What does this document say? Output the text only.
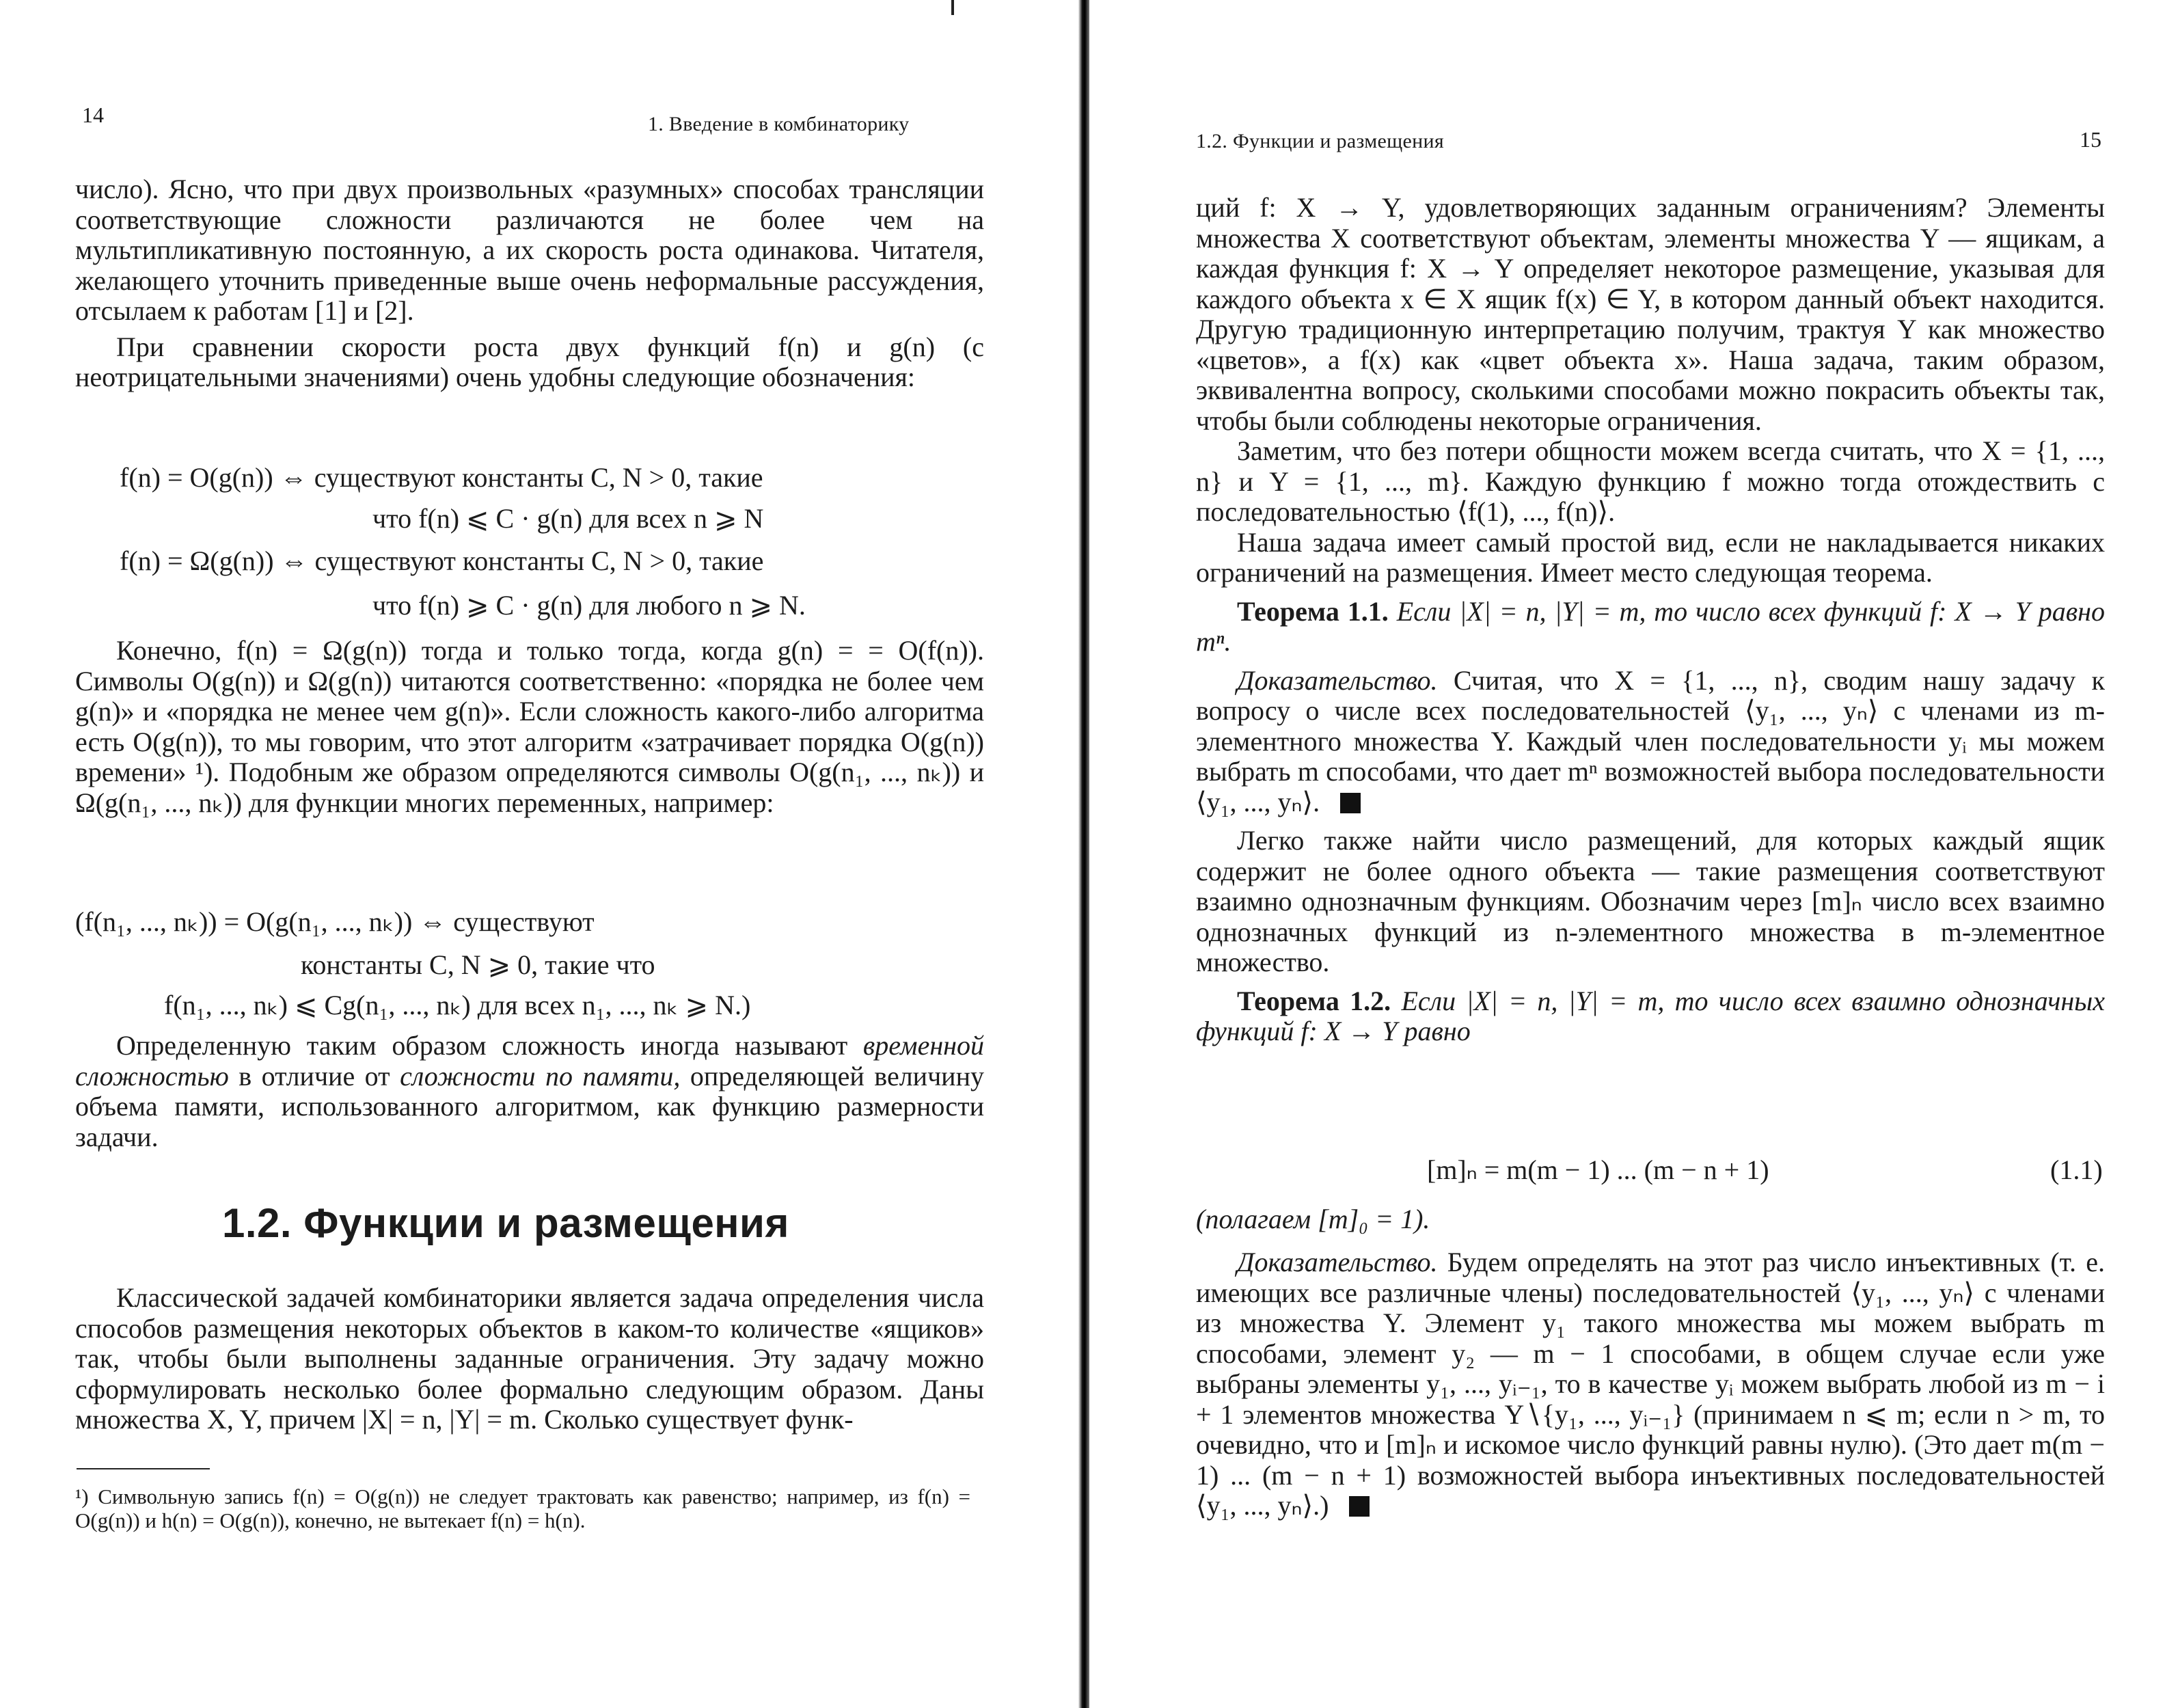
14	1. Введение в комбинаторику

число). Ясно, что при двух произвольных «разумных» способах трансляции соответствующие сложности различаются не более чем на мультипликативную постоянную, а их скорость роста одинакова. Читателя, желающего уточнить приведенные выше очень неформальные рассуждения, отсылаем к работам [1] и [2].

При сравнении скорости роста двух функций f(n) и g(n) (с неотрицательными значениями) очень удобны следующие обозначения:

f(n) = O(g(n)) ⇔ существуют константы C, N > 0, такие
что f(n) ⩽ C · g(n) для всех n ⩾ N
f(n) = Ω(g(n)) ⇔ существуют константы C, N > 0, такие
что f(n) ⩾ C · g(n) для любого n ⩾ N.

Конечно, f(n) = Ω(g(n)) тогда и только тогда, когда g(n) = = O(f(n)). Символы O(g(n)) и Ω(g(n)) читаются соответственно: «порядка не более чем g(n)» и «порядка не менее чем g(n)». Если сложность какого-либо алгоритма есть O(g(n)), то мы говорим, что этот алгоритм «затрачивает порядка O(g(n)) времени» ¹). Подобным же образом определяются символы O(g(n₁, ..., nₖ)) и Ω(g(n₁, ..., nₖ)) для функции многих переменных, например:

(f(n₁, ..., nₖ)) = O(g(n₁, ..., nₖ)) ⇔ существуют
константы C, N ⩾ 0, такие что
f(n₁, ..., nₖ) ⩽ Cg(n₁, ..., nₖ) для всех n₁, ..., nₖ ⩾ N.)

Определенную таким образом сложность иногда называют временной сложностью в отличие от сложности по памяти, определяющей величину объема памяти, использованного алгоритмом, как функцию размерности задачи.

1.2. Функции и размещения

Классической задачей комбинаторики является задача определения числа способов размещения некоторых объектов в каком-то количестве «ящиков» так, чтобы были выполнены заданные ограничения. Эту задачу можно сформулировать несколько более формально следующим образом. Даны множества X, Y, причем |X| = n, |Y| = m. Сколько существует функ-

¹) Символьную запись f(n) = O(g(n)) не следует трактовать как равенство; например, из f(n) = O(g(n)) и h(n) = O(g(n)), конечно, не вытекает f(n) = h(n).
1.2. Функции и размещения	15

ций f: X → Y, удовлетворяющих заданным ограничениям? Элементы множества X соответствуют объектам, элементы множества Y — ящикам, а каждая функция f: X → Y определяет некоторое размещение, указывая для каждого объекта x ∈ X ящик f(x) ∈ Y, в котором данный объект находится. Другую традиционную интерпретацию получим, трактуя Y как множество «цветов», а f(x) как «цвет объекта x». Наша задача, таким образом, эквивалентна вопросу, сколькими способами можно покрасить объекты так, чтобы были соблюдены некоторые ограничения.

Заметим, что без потери общности можем всегда считать, что X = {1, ..., n} и Y = {1, ..., m}. Каждую функцию f можно тогда отождествить с последовательностью ⟨f(1), ..., f(n)⟩.

Наша задача имеет самый простой вид, если не накладывается никаких ограничений на размещения. Имеет место следующая теорема.

Теорема 1.1. Если |X| = n, |Y| = m, то число всех функций f: X → Y равно mⁿ.

Доказательство. Считая, что X = {1, ..., n}, сводим нашу задачу к вопросу о числе всех последовательностей ⟨y₁, ..., yₙ⟩ с членами из m-элементного множества Y. Каждый член последовательности yᵢ мы можем выбрать m способами, что дает mⁿ возможностей выбора последовательности ⟨y₁, ..., yₙ⟩.

Легко также найти число размещений, для которых каждый ящик содержит не более одного объекта — такие размещения соответствуют взаимно однозначным функциям. Обозначим через [m]ₙ число всех взаимно однозначных функций из n-элементного множества в m-элементное множество.

Теорема 1.2. Если |X| = n, |Y| = m, то число всех взаимно однозначных функций f: X → Y равно

[m]ₙ = m(m − 1) ... (m − n + 1)	(1.1)
(полагаем [m]₀ = 1).

Доказательство. Будем определять на этот раз число инъективных (т. е. имеющих все различные члены) последовательностей ⟨y₁, ..., yₙ⟩ с членами из множества Y. Элемент y₁ такого множества мы можем выбрать m способами, элемент y₂ — m − 1 способами, в общем случае если уже выбраны элементы y₁, ..., yᵢ₋₁, то в качестве yᵢ можем выбрать любой из m − i + 1 элементов множества Y∖{y₁, ..., yᵢ₋₁} (принимаем n ⩽ m; если n > m, то очевидно, что и [m]ₙ и искомое число функций равны нулю). (Это дает m(m − 1) ... (m − n + 1) возможностей выбора инъективных последовательностей ⟨y₁, ..., yₙ⟩.)
